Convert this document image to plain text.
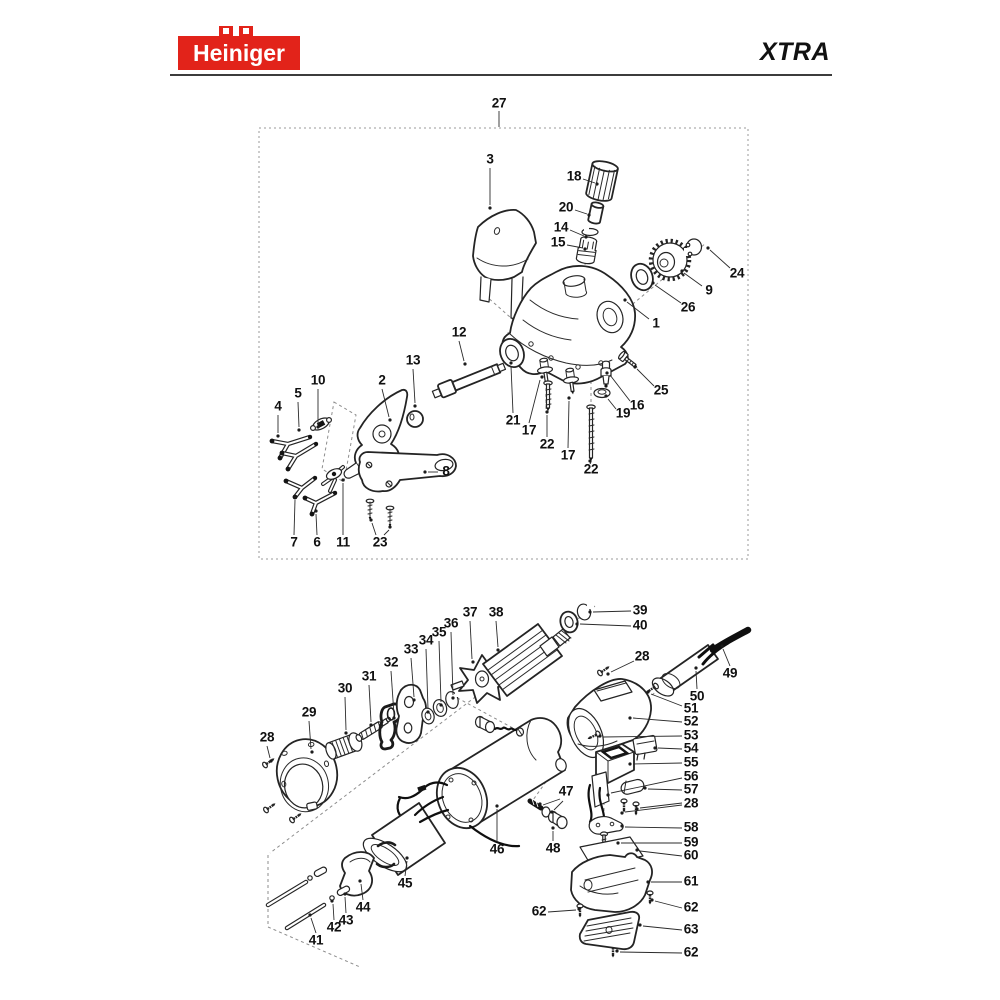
Heiniger	XTRA
27
3
18
20
14
15
24
9
26
1
12
13
2
10
5
4
21
17
22
17
22
19
16
25
8
7 6 11 23
28
29
30
31
32
33
34
35
36
37 38	39
40
28
49
50
51
52
53
54
55
56
57
28
58
59
60
61
62
63
62
62
47
48
46
45
44
43
42
41
